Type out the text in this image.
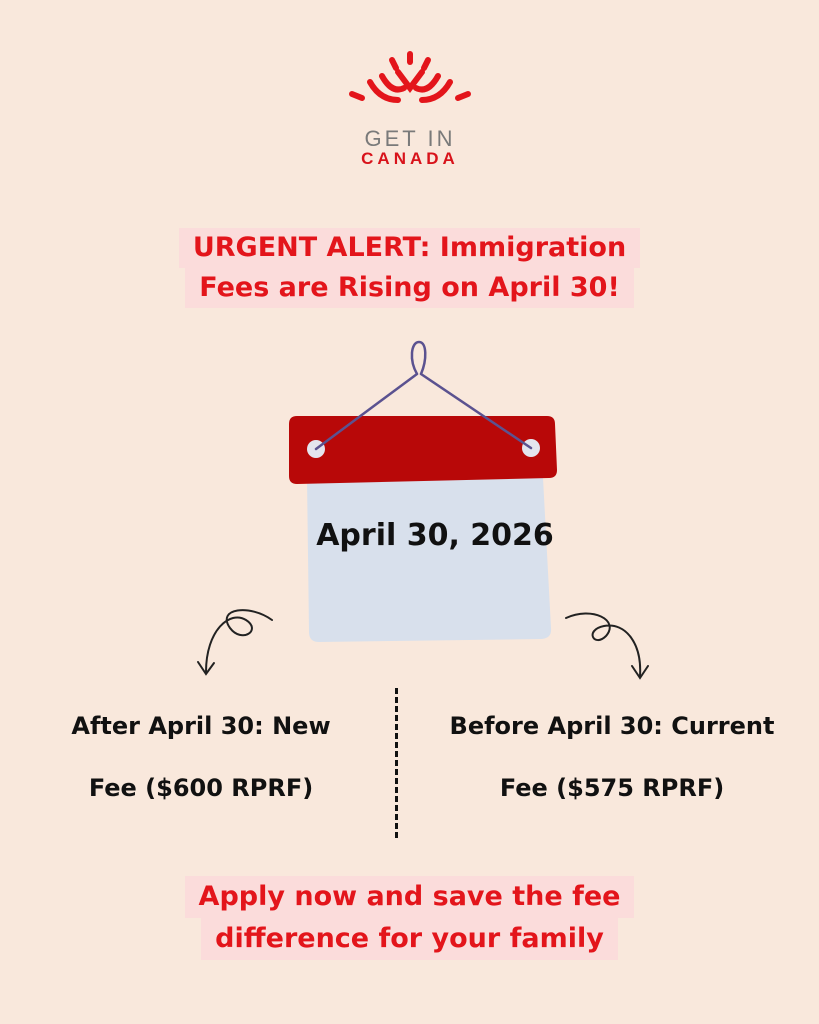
GET IN
CANADA
URGENT ALERT: Immigration
Fees are Rising on April 30!
April 30, 2026
After April 30: New
Fee ($600 RPRF)
Before April 30: Current
Fee ($575 RPRF)
Apply now and save the fee
difference for your family
